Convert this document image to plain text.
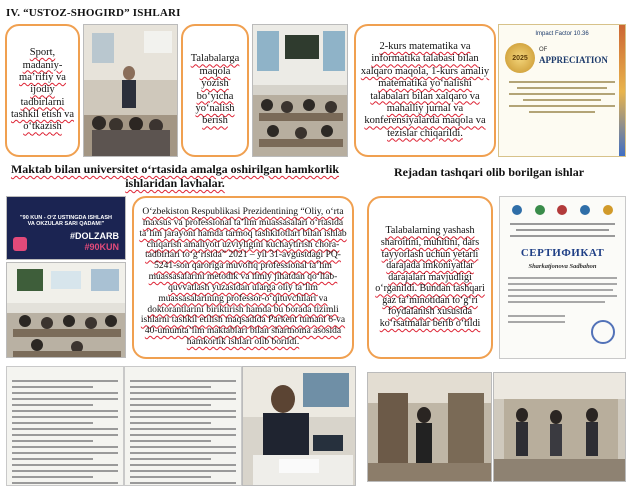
IV. “USTOZ-SHOGIRD” ISHLARI
Sport, madaniy-ma’rifiy va ijodiy tadbirlarni tashkil etish va o‘tkazish
Talabalarga maqola yozish bo‘yicha yo‘nalish berish
2-kurs matematika va informatika talabasi bilan xalqaro maqola, 1-kurs amaliy matematika yo‘nalishi talabalari bilan xalqaro va mahalliy jurnal va konferensiyalarda maqola va tezislar chiqarildi.
Impact Factor 10.36
2025
OF
APPRECIATION
Maktab bilan universitet o‘rtasida amalga oshirilgan hamkorlik ishlaridan lavhalar.
Rejadan tashqari olib borilgan ishlar
"90 KUN - O‘Z USTINGDA ISHLASH
VA OKZULAR SARI QADAM!"
#DOLZARB
#90KUN
O‘zbekiston Respublikasi Prezidentining “Oliy, o‘rta maxsus va professional ta’lim muassasalari o‘rtasida ta’lim jarayoni hamda tarmoq tashkilotlari bilan ishlab chiqarish amaliyoti uzviyligini kuchaytirish chora-tadbirlari to‘g‘risida” 2021 – yil 31-avgustdagi PQ-5241-son qaroriga muvofiq professional ta’lim muassasalarini metodik va ilmiy jihatdan qo‘llab-quvvatlash yuzasidan ularga oliy ta’lim muassasalarining professor-o‘qituvchilari va doktorantlarini biriktirish hamda bu borada tizimli ishlarni tashkil etilish maqsadida Parkent tumani 6-va 40-umumta’lim maktablari bilan shartnoma asosida hamkorlik ishlari olib borildi.
Talabalarning yashash sharoitini, muhitini, dars tayyorlash uchun yetarli darajada imkoniyatlar darajalari mavjudligi o‘rganildi. Bundan tashqari gaz ta’minotidan to‘g‘ri foydalanish xususida ko‘rsatmalar berib o‘tildi
СЕРТИФИКАТ
Sharkatjonova Sadbahon
